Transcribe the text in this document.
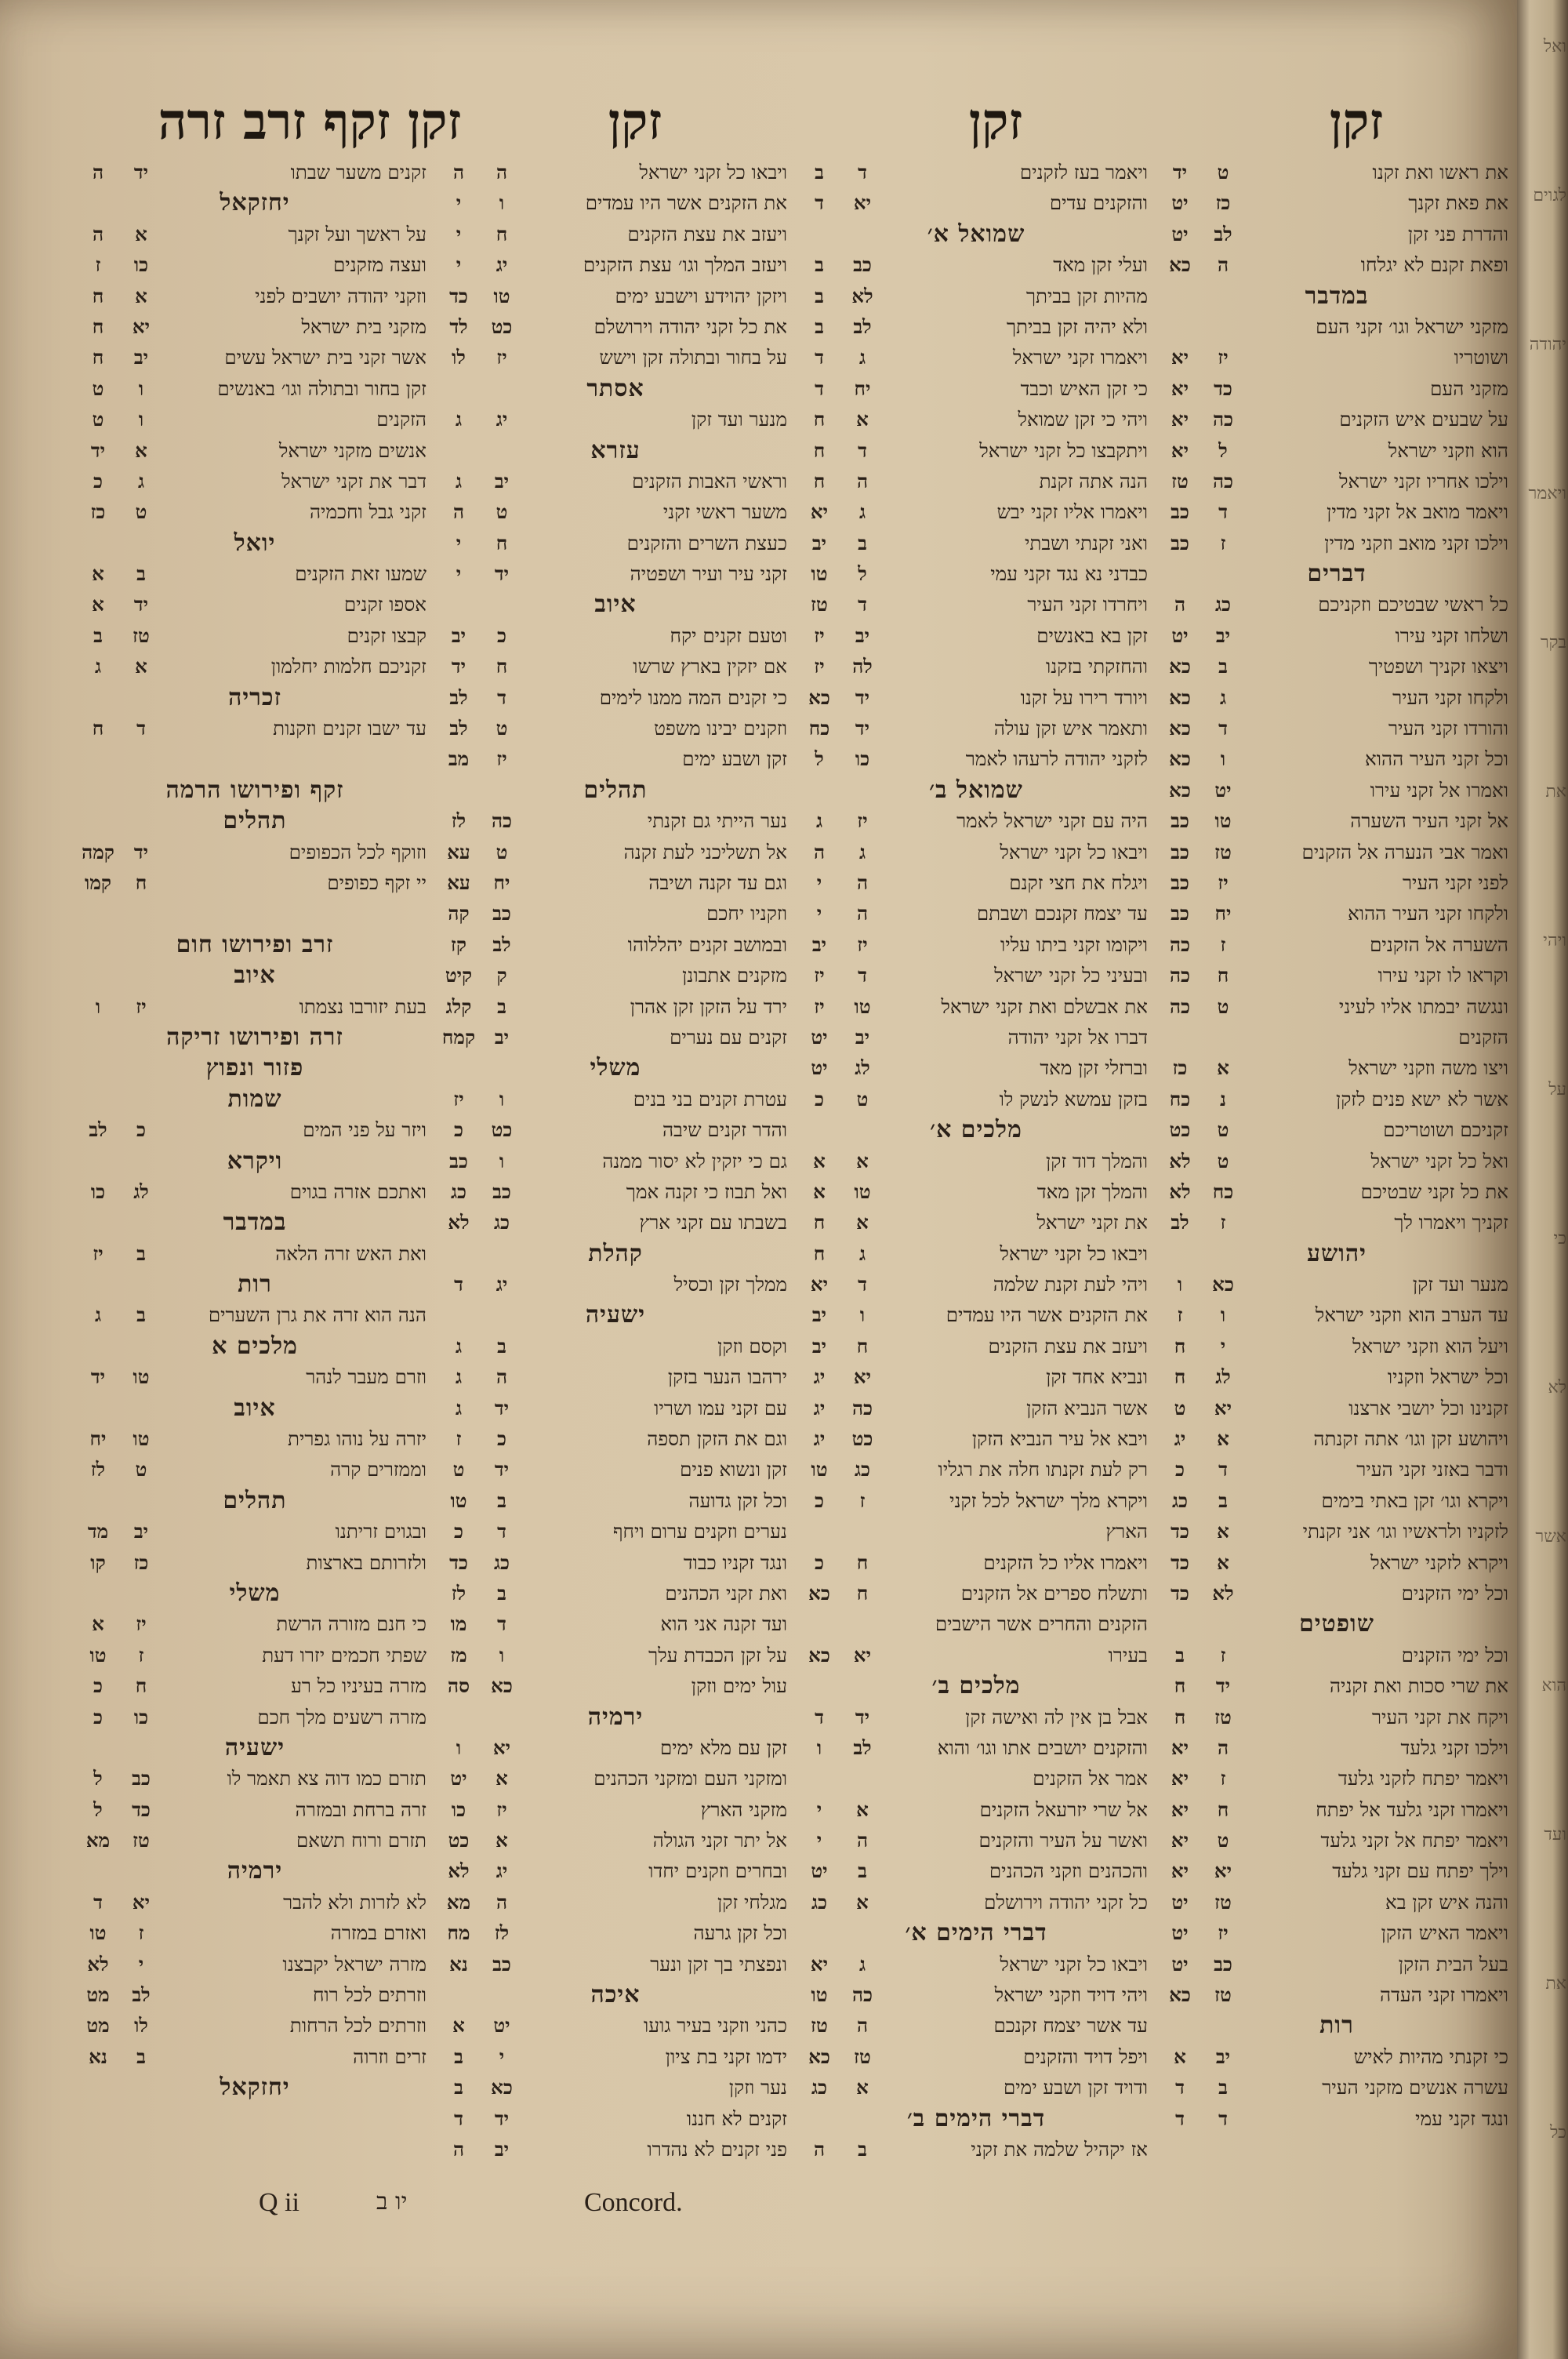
זקן
זקן
זקן
זקן זקף זרב זרה
את ראשו ואת זקנו
ט
יד
את פאת זקנך
כז
יט
והדרת פני זקן
לב
יט
ופאת זקנם לא יגלחו
ה
כא
במדבר
מזקני ישראל וגו׳ זקני העם
ושוטריו
יז
יא
מזקני העם
כד
יא
על שבעים איש הזקנים
כה
יא
הוא וזקני ישראל
ל
יא
וילכו אחריו זקני ישראל
כה
טז
ויאמר מואב אל זקני מדין
ד
כב
וילכו זקני מואב וזקני מדין
ז
כב
דברים
כל ראשי שבטיכם וזקניכם
כג
ה
ושלחו זקני עירו
יב
יט
ויצאו זקניך ושפטיך
ב
כא
ולקחו זקני העיר
ג
כא
והורדו זקני העיר
ד
כא
וכל זקני העיר ההוא
ו
כא
ואמרו אל זקני עירו
יט
כא
אל זקני העיר השערה
טו
כב
ואמר אבי הנערה אל הזקנים
טז
כב
לפני זקני העיר
יז
כב
ולקחו זקני העיר ההוא
יח
כב
השערה אל הזקנים
ז
כה
וקראו לו זקני עירו
ח
כה
ונגשה יבמתו אליו לעיני
ט
כה
הזקנים
ויצו משה וזקני ישראל
א
כז
אשר לא ישא פנים לזקן
נ
כח
זקניכם ושוטריכם
ט
כט
ואל כל זקני ישראל
ט
לא
את כל זקני שבטיכם
כח
לא
זקניך ויאמרו לך
ז
לב
יהושע
מנער ועד זקן
כא
ו
עד הערב הוא וזקני ישראל
ו
ז
ויעל הוא וזקני ישראל
י
ח
וכל ישראל וזקניו
לג
ח
זקנינו וכל יושבי ארצנו
יא
ט
ויהושע זקן וגו׳ אתה זקנתה
א
יג
ודבר באזני זקני העיר
ד
כ
ויקרא וגו׳ זקן באתי בימים
ב
כג
לזקניו ולראשיו וגו׳ אני זקנתי
א
כד
ויקרא לזקני ישראל
א
כד
וכל ימי הזקנים
לא
כד
שופטים
וכל ימי הזקנים
ז
ב
את שרי סכות ואת זקניה
יד
ח
ויקח את זקני העיר
טז
ח
וילכו זקני גלעד
ה
יא
ויאמר יפתח לזקני גלעד
ז
יא
ויאמרו זקני גלעד אל יפתח
ח
יא
ויאמר יפתח אל זקני גלעד
ט
יא
וילך יפתח עם זקני גלעד
יא
יא
והנה איש זקן בא
טז
יט
ויאמר האיש הזקן
יז
יט
בעל הבית הזקן
כב
יט
ויאמרו זקני העדה
טז
כא
רות
כי זקנתי מהיות לאיש
יב
א
עשרה אנשים מזקני העיר
ב
ד
ונגד זקני עמי
ד
ד
ויאמר בעז לזקנים
ד
ב
והזקנים עדים
יא
ד
שמואל א׳
ועלי זקן מאד
כב
ב
מהיות זקן בביתך
לא
ב
ולא יהיה זקן בביתך
לב
ב
ויאמרו זקני ישראל
ג
ד
כי זקן האיש וכבד
יח
ד
ויהי כי זקן שמואל
א
ח
ויתקבצו כל זקני ישראל
ד
ח
הנה אתה זקנת
ה
ח
ויאמרו אליו זקני יבש
ג
יא
ואני זקנתי ושבתי
ב
יב
כבדני נא נגד זקני עמי
ל
טו
ויחרדו זקני העיר
ד
טז
זקן בא באנשים
יב
יז
והחזקתי בזקנו
לה
יז
ויורד רירו על זקנו
יד
כא
ותאמר איש זקן עולה
יד
כח
לזקני יהודה לרעהו לאמר
כו
ל
שמואל ב׳
היה עם זקני ישראל לאמר
יז
ג
ויבאו כל זקני ישראל
ג
ה
ויגלח את חצי זקנם
ה
י
עד יצמח זקנכם ושבתם
ה
י
ויקומו זקני ביתו עליו
יז
יב
ובעיני כל זקני ישראל
ד
יז
את אבשלם ואת זקני ישראל
טו
יז
דברו אל זקני יהודה
יב
יט
וברזלי זקן מאד
לג
יט
בזקן עמשא לנשק לו
ט
כ
מלכים א׳
והמלך דוד זקן
א
א
והמלך זקן מאד
טו
א
את זקני ישראל
א
ח
ויבאו כל זקני ישראל
ג
ח
ויהי לעת זקנת שלמה
ד
יא
את הזקנים אשר היו עמדים
ו
יב
ויעזב את עצת הזקנים
ח
יב
ונביא אחד זקן
יא
יג
אשר הנביא הזקן
כה
יג
ויבא אל עיר הנביא הזקן
כט
יג
רק לעת זקנתו חלה את רגליו
כג
טו
ויקרא מלך ישראל לכל זקני
ז
כ
הארץ
ויאמרו אליו כל הזקנים
ח
כ
ותשלח ספרים אל הזקנים
ח
כא
הזקנים והחרים אשר הישבים
בעירו
יא
כא
מלכים ב׳
אבל בן אין לה ואישה זקן
יד
ד
והזקנים יושבים אתו וגו׳ והוא
לב
ו
אמר אל הזקנים
אל שרי יזרעאל הזקנים
א
י
ואשר על העיר והזקנים
ה
י
והכהנים וזקני הכהנים
ב
יט
כל זקני יהודה וירושלם
א
כג
דברי הימים א׳
ויבאו כל זקני ישראל
ג
יא
ויהי דויד וזקני ישראל
כה
טו
עד אשר יצמח זקנכם
ה
טז
ויפל דויד והזקנים
טז
כא
ודויד זקן ושבע ימים
א
כג
דברי הימים ב׳
אז יקהיל שלמה את זקני
ב
ה
ויבאו כל זקני ישראל
ה
ה
את הזקנים אשר היו עמדים
ו
י
ויעזב את עצת הזקנים
ח
י
ויעזב המלך וגו׳ עצת הזקנים
יג
י
ויזקן יהוידע וישבע ימים
טו
כד
את כל זקני יהודה וירושלם
כט
לד
על בחור ובתולה זקן וישש
יז
לו
אסתר
מנער ועד זקן
יג
ג
עזרא
וראשי האבות הזקנים
יב
ג
משער ראשי זקני
ט
ה
כעצת השרים והזקנים
ח
י
זקני עיר ועיר ושפטיה
יד
י
איוב
וטעם זקנים יקח
כ
יב
אם יזקין בארץ שרשו
ח
יד
כי זקנים המה ממנו לימים
ד
לב
וזקנים יבינו משפט
ט
לב
זקן ושבע ימים
יז
מב
תהלים
נער הייתי גם זקנתי
כה
לז
אל תשליכני לעת זקנה
ט
עא
וגם עד זקנה ושיבה
יח
עא
וזקניו יחכם
כב
קה
ובמושב זקנים יהללוהו
לב
קז
מזקנים אתבונן
ק
קיט
ירד על הזקן זקן אהרן
ב
קלג
זקנים עם נערים
יב
קמח
משלי
עטרת זקנים בני בנים
ו
יז
והדר זקנים שיבה
כט
כ
גם כי יזקין לא יסור ממנה
ו
כב
ואל תבוז כי זקנה אמך
כב
כג
בשבתו עם זקני ארץ
כג
לא
קהלת
ממלך זקן וכסיל
יג
ד
ישעיה
וקסם וזקן
ב
ג
ירהבו הנער בזקן
ה
ג
עם זקני עמו ושריו
יד
ג
וגם את הזקן תספה
כ
ז
זקן ונשוא פנים
יד
ט
וכל זקן גדועה
ב
טו
נערים וזקנים ערום ויחף
ד
כ
ונגד זקניו כבוד
כג
כד
ואת זקני הכהנים
ב
לז
ועד זקנה אני הוא
ד
מו
על זקן הכבדת עלך
ו
מז
עול ימים וזקן
כא
סה
ירמיה
זקן עם מלא ימים
יא
ו
ומזקני העם ומזקני הכהנים
א
יט
מזקני הארץ
יז
כו
אל יתר זקני הגולה
א
כט
ובחרים וזקנים יחדו
יג
לא
מגלחי זקן
ה
מא
וכל זקן גרעה
לז
מח
ונפצתי בך זקן ונער
כב
נא
איכה
כהני וזקני בעיר גועו
יט
א
ידמו זקני בת ציון
י
ב
נער וזקן
כא
ב
זקנים לא חננו
יד
ד
פני זקנים לא נהדרו
יב
ה
זקנים משער שבתו
יד
ה
יחזקאל
על ראשך ועל זקנך
א
ה
ועצה מזקנים
כו
ז
וזקני יהודה יושבים לפני
א
ח
מזקני בית ישראל
יא
ח
אשר זקני בית ישראל עשים
יב
ח
זקן בחור ובתולה וגו׳ באנשים
ו
ט
הזקנים
ו
ט
אנשים מזקני ישראל
א
יד
דבר את זקני ישראל
ג
כ
זקני גבל וחכמיה
ט
כז
יואל
שמעו זאת הזקנים
ב
א
אספו זקנים
יד
א
קבצו זקנים
טז
ב
זקניכם חלמות יחלמון
א
ג
זכריה
עד ישבו זקנים וזקנות
ד
ח
זקף ופירושו הרמה
תהלים
וזוקף לכל הכפופים
יד
קמה
יי זקף כפופים
ח
קמו
זרב ופירושו חום
איוב
בעת יזורבו נצמתו
יז
ו
זרה ופירושו זריקה
פזור ונפוץ
שמות
ויזר על פני המים
כ
לב
ויקרא
ואתכם אזרה בגוים
לג
כו
במדבר
ואת האש זרה הלאה
ב
יז
רות
הנה הוא זרה את גרן השערים
ב
ג
מלכים א
וזרם מעבר לנהר
טו
יד
איוב
יזרה על נוהו גפרית
טו
יח
וממזרים קרה
ט
לז
תהלים
ובגוים זריתנו
יב
מד
ולזרותם בארצות
כז
קו
משלי
כי חנם מזורה הרשת
יז
א
שפתי חכמים יזרו דעת
ז
טו
מזרה בעיניו כל רע
ח
כ
מזרה רשעים מלך חכם
כו
כ
ישעיה
תזרם כמו דוה צא תאמר לו
כב
ל
זרה ברחת ובמזרה
כד
ל
תזרם ורוח תשאם
טז
מא
ירמיה
לא לזרות ולא להבר
יא
ד
ואזרם במזרה
ז
טו
מזרה ישראל יקבצנו
י
לא
וזרתים לכל רוח
לב
מט
וזרתים לכל הרחות
לו
מט
זרים וזרוה
ב
נא
יחזקאל
Q ii	יו ב	Concord.
ואל
לגוים
יהודה
ויאמר
בקר
את
ויהי
על
כי
לא
אשר
הוא
ועד
את
כל
